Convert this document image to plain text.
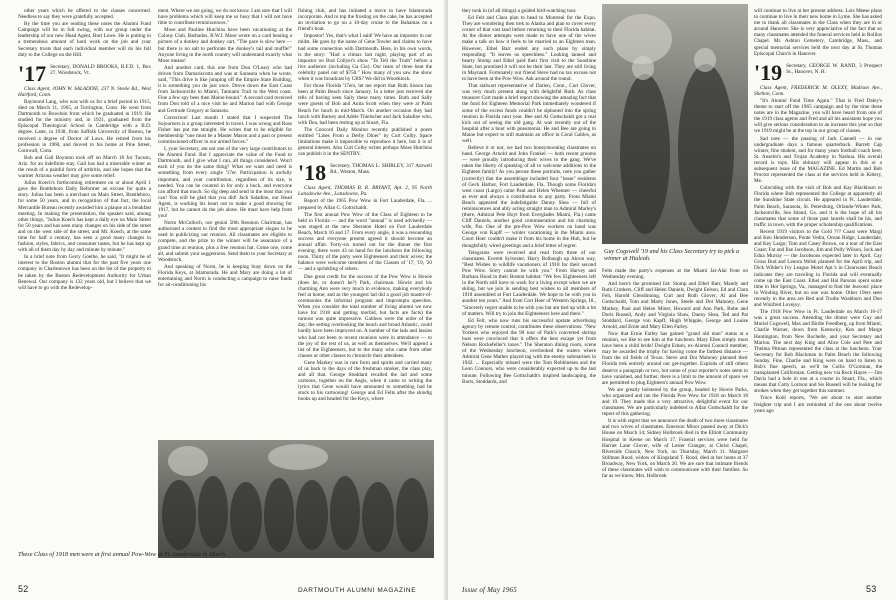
other years which he offered to the classes concerned. Needless to say they were gratefully accepted.

By the time you are reading these notes the Alumni Fund Campaign will be in full swing, with our group under the leadership of our new Head Agent, Burt Lowe. He is putting in a tremendous amount of hard work on the job and your Secretary trusts that each individual member will do his full duty to the College on the Hill.

'17 Secretary, DONALD BROOKS, R.F.D. 1, Box 27, Woodstock, Vt.

Class Agent, JOHN W. SALADINE, 237 N. Steele Rd., West Hartford, Conn.

Raymond Lang, who was with us for a brief period in 1915, died on March 11, 1965, at Torrington, Conn. He went from Dartmouth to Bowdoin from which he graduated in 1919. He studied for the ministry and, in 1921, graduated from the Episcopal Theological School in Cambridge with a B.D. degree. Later, in 1938, from Suffolk University of Boston, he received a degree of Doctor of Laws. He retired from his profession in 1960, and moved to his home at Pine Street, Cornwall, Conn.

Bob and Gail Boynton took off on March 18 for Tucson, Ariz. for an indefinite stay. Gail has had a miserable winter as the result of a painful form of arthritis, and she hopes that the warmer Arizona weather may give some relief.

Julius Koech's forthcoming retirement on or about April 1 gave the Brattleboro Daily Reformer an excuse for quite a story. Julius has been a merchant on Main Street, Brattleboro, for some 50 years, and in recognition of that fact, the local Mercantile Bureau recently awarded him a plaque at a breakfast meeting. In making the presentation, the speaker said, among other things, "Julius Koech has kept a daily eye on Main Street for 50 years and has seen many changes on his side of the street and on the west side of the street, and Mr. Koech, at the same time for half a century, has seen a good many changes in fashion, styles, fabrics, and consumer tastes, but he has kept up with all of them day by day and minute by minute."

In a brief note from Gerry Goethe, he said, "It might be of interest to the Boston alumni that for the past five years one company in Charlestown has been on the list of the property to be taken by the Boston Redevelopment Authority for Urban Renewal. Our company is 132 years old, but I believe that we will have to go with the Redevelop-

ment. Where we are going, we do not know. I am sure that I will have problems which will keep me so busy that I will not have time to contribute reminiscences."

Mose and Pauline Hutchins have been vacationing at the Colony Club, Barbados, B.W.I. Mose wrote on a card bearing a picture of a donkey and donkey cart, "The pace is slow here — but there is no salt to perforate the donkey's tail and muffle!" Anyone living in the north country will understand exactly what Mose means!

And another card, this one from Don O'Leary who had driven from Damariscotta and was at Sarasota when he wrote, said, "This drive is like jumping off the Empire State Building, it is something you do just once. Drove down the East Coast from Jacksonville to Miami, Tamiami Trail to the West coast. Fine a few spy bees then Maine-bound." A second card received from Don told of a nice visit he and Marion had with George and Gertrude Gregory at Sarasota.

Correction! Last month I stated that I suspected The Sojourners is a group interested in travel. I was wrong and Ross Fisher has put me straight. He writes that to be eligible for membership "one must be a Master Mason and a past or present commissioned officer in our armed forces."

I, your Secretary, am not one of the very large contributors to the Alumni Fund. But I appreciate the value of the Fund to Dartmouth, and I give what I can, all things considered. Won't each of you do the same thing? What we want and need is something from every single '17er. Participation is awfully important, and your contribution, regardless of its size, is needed. You can be counted in for only a buck, and everyone can afford that much. So dig deep and send in the most that you can! You will be glad that you did! Jack Saladine, our Head Agent, is working his heart out to make a good showing for 1917, but he cannot do the job alone. He must have help from you!

Norm McCulloch, our genial 50th Reunion Chairman, has authorized a contest to find the most appropriate slogan to be used in publicizing our reunion. All classmates are eligible to compete, and the prize to the winner will be assurance of a grand time at reunion, plus a free reunion hat. Come one, come all, and submit your suggestions. Send them to your Secretary at Woodstock.

And speaking of Norm, he is keeping busy down on the Florida Keys, at Islamorada. He and Mary are doing a lot of entertaining and Norm is conducting a campaign to raise funds for air-conditioning his

fishing club, and has initiated a move to have Islamorada incorporate. And to top the frosting on the cake, he has accepted an invitation to go on a 10-day cruise to the Bahamas on a friend's boat.

Impostor! Yes, that's what I said! We have an impostor in our midst. He goes by the name of Gene Towler and claims to have had some connection with Dartmouth. Here, in his own words, is the story: "Had a climax last night, playing part of an impostor on Bud Collyer's show "To Tell the Truth" before a live audience (including Ga Cie). Our team of three beat the celebrity panel out of $750." How many of you saw the show when it was broadcast by CBS? We did in Woodstock.

For those Florida '17ers, let me report that Ruth Sisson has been at Palm Beach since January. In a letter just received she tells of having seen Sally these many times. Ruth and Sally were guests of Bob and Anita Scott when they were at Palm Beach for lunch in mid-March. On another occasion they had lunch with Barney and Adele Thielscher and Jack Saladine who, with Dea, had been resting up at Stuart, Fla.

The Concord Daily Monitor recently published a poem entitled "Lines From a Derby Diner" by Curt Colby. Space limitations make it impossible to reproduce it here, but it is of general interest. Also Curt Colby writes perhaps Mose Hutchins can publish it in the SENTRY.

'18 Secretary, THOMAS L. SHIRLEY, 317 Amwell Rd., Weston, Mass.

Class Agent, THOMAS B. R. BRYANT, Apt. 2, 95 North Lansdowne Ave., Lansdowne, Pa.

Report of the 1965 Pow Wow in Fort Lauderdale, Fla. ... prepared by Allan C. Gottschaldt.

The first annual Pow Wow of the Class of Eighteen to be held in Florida — and the word "annual" is used advisedly — was staged at the new Sheraton Hotel on Fort Lauderdale Beach, March 16 and 17. From every angle, it was a resounding success and everyone present agreed it should become an annual affair. Forty-six turned out for the dinner the first evening; there were 43 on hand for the luncheon the following noon. Thirty of the party were Eighteeners and their wives; the balance were welcome members of the Classes of '17, '19, '20 — and a sprinkling of others.

Due great credit for the success of the Pow Wow is Howie (does he, or doesn't he?) Park, chairman. Howie and his charming Ann were very much in evidence, making everybody feel at home; and as the youngest lad did a good job master-of-ceremonies the informal program and impromptu speeches. When you consider the total number of living alumni we now have for 1918 and getting morbid, but facts are facts) the turnout was quite impressive. Galileos were the order of the day; the setting overlooking the beach and broad Atlantic, could hardly have been improved on. A number of the lads and lassies who had not been to recent reunions were in attendance — to the joy of the rest of us, as well as themselves. We'll append a list of the Eighteeners, but to the many who came from other classes or other classes to chronicle their attendees.

Gene Markey was in rare form and spirits and carried many of us back to the days of the freshman smoker, the class play, and all that. George Stoddard recalled the lad and some cartoons, together on the Aegis, when it came to writing the lyrics that Gene would have amounted to something had he stuck to his cartooning! George and Ed Felts after the shindig hooks up and headed for the Keys, where

These Class of 1918 men were at first annual Pow-Wow at Ft. Lauderdale in March.
52	DARTMOUTH ALUMNI MAGAZINE

they took in (of all things) a guided bird-watching tour.

Ed Felt and Clara plan to head to Montreal for the Expo. They are wondering then trek to Alaska and plan to cover every corner of that vast land before returning to their Florida habitat. At the dinner attempts were made to have one of the wives make a talk on how it feels to be married to an Eighteen man. However, Ethel Barr ended any such plans by simply responding: "It leaves us speechless." Looking tanned and hearty Stomp and Ethel paid their first visit to the Sunshine State, but promised it will not be their last. They are still living in Maynard. Fortunately our friend Steve had no tax excuse not to have been at the Pow Wow. Ask around the round.

That stalwart representative of Darien, Conn., Curt Glover, was very much present along with delightful Ruth. As class treasurer Curt made a brief report showing the amazing fact that the fund for Eighteen Memorial Park immediately wondered if some of the excess funds couldn't be siphoned into the spring reunion in Florida next year. Bee and Al Gottschaldt got a real kick out of seeing the old gang. Al was recently out of the hospital after a bout with pneumonia. He and Bee are going to Maine but expect to still maintain an office in Coral Gables, as well.

Believe it or not, we had two honeymooning classmates on hand. George Arnold and John Frankel — both recent grooms — were proudly introducing their wives to the gang. We've taken the liberty of speaking of all to welcome additions to the Eighteen family! As you peruse these portraits, note you gather (correctly) that the assemblage included four "loose" residents of Geck Harbor, Fort Lauderdale, Fla. Though some Florida's west coast (Largo) came Paul and Helen Whenner — cheerful as ever and always a contribution to any party. From Miami Beach appeared the indefatigable Danny Shea — full of reminiscences and ably acting straight man to Admiral Marley's (there, Admiral Pete Hoyt from Everglades Miami, Fla.) came Cliff Daniels, another good commiseration and his charming wife, Pat. One of the pre-Pow Wow workers on hand was George von Kapff — winter vacationing in the Miami area. Court Hoer couldn't make it from his home in the Hub, but he thoughtfully wired greetings and a brief letter of regret.

Telegrams were received and read from three of our classmates. Everett Sylvester, Harry Bolbaugh up Akron way, "Best Wishes to wildlife vacationers of 1918 for their second Pow Wow. Sorry cannot be with you." From Harvey and Barbara Hood in their Boston habitat: "We few Eighteeners left in the North still have to work for a living except when we are skiing, but we join in sending best wishes to all members of 1918 assembled at Fort Lauderdale. We hope to be with you in another ten years." And from Cort Hoer of Western Springs, Ill., "Sincerely regret unable to be with you but am tied up with a lot of matters. Will try to join the Eighteeners here and there."

Ed Felt, who now runs his successful upstate advertising agency by remote control, contributes these observations: "New Yorkers who enjoyed the 90 tour of Park's converted shrimp boat were convinced that it offers the best escape yet from Nelson Rockefeller's taxes." The Sheraton dining room, scene of the Wednesday luncheon, overlooked the waters where Admiral Gene Mather played tag with the enemy submarines in 1942. ... Especially missed were the Tom Robbineses and the Leon Connors, who were considerably expected up to the last minute. Following Bee Gottschaldt's inspired landscaping, the Barrs, Stoddards, and

Guy Cogswell '19 and his Class Secretary try to pick a winner at Hialeah.

Felts made the party's expenses at the Miami Jai-Alai front on Wednesday evening.

And here's the promised list: Stomp and Ethel Barr, Mandy and Ruth Crothers, Cliff and Helen Daniels, Dwight Eelson, Ed and Clara Felt, Harold Glendinning, Curt and Ruth Glover, Al and Bee Gottschaldt, Tom and Marty Jones, Steele and Dot Maloney, Gene Markey, Paul and Helen Miner, Howard and Ann Park, Rube and Doris Russell, Andy and Virginia Shaw, Danny Shea, Ted and Pat Stoddard, George von Kapff, Hugh Whipple, George and Louise Arnold, and Ernie and Mary Ellen Farley.

Now that Ernie Farley has gained "grand old man" status at a reunion, we like to see him at the luncheon. Mary Ellen simply must have been a child bride! Dwight Edson, ex-Alumni Council member, may be awarded the trophy for having come the farthest distance — from the oil fields of Texas. Steve and Dot Maloney planned their Florida trek entirely around our get-together. Exploits of still others deserve a paragraph or two, but some of your reporter's notes seem to have vanished, and further, there is a limit to the amount of space we are permitted to plug Eighteen's annual Pow Wow.

We are greatly bolstered by the group, headed by Howie Parks, who organized and ran the Florida Pow Wow for 1918 on March 18 and 19. They made this a very attractive, delightful event for our classmates. We are particularly indebted to Allan Gottschaldt for the report of this gathering.

It is with regret that we announce the death of two more classmates and two wives of classmates. Emerson Minor passed away at Dick's House on March 14; Sidney Holbrook died in the Elliott Community Hospital in Keene on March 17. Funeral services were held for Harriet Lane Glover, wife of Lester Granger, at Christ Chapel, Riverside Church, New York, on Thursday, March 11. Margaret Stillman Rood, widow of Kingsland T. Rood, died at her home at 37 Broadway, New York, on March 20. We are sure that intimate friends of these classmates will wish to communicate with their families. So far as we know, Mrs. Holbrook

will continue to live at her present address. Lois Meese plans to continue to live in their new home in Lyme. She has asked me to thank all classmates in the Class when they are in or around Hanover. She is very appreciative of the fact that so many classmates attended the funeral services held in Rollins Chapel. Mr. Ashton Cemetery, Cambridge, Mass., and special memorial services held the next day at St. Thomas Episcopal Church in Hanover.

'19 Secretary, GEORGE W. RAND, 3 Prospect St., Hanover, N. H.

Class Agent, FREDERICK M. OLEXY, Madison Ave., Shelton, Conn.

"It's Alumni Fund Time Again." That is Fred Daley's theme to start off the 1965 campaign and by the time these notes are in the Magazine, you will have heard from one of the 1919 class agents and Fred and all his assistants hope you will give serious consideration to an increase this year so that we 1919 might be at the top in our group of classes.

Sad note — the passing of Jack Cannell — in our undergraduate days a famous quarterback. Barrett Cap winner, fine student, and for many years football coach here, St. Anselm's and Trojan Academy in Nashua. His overall record is tops. His obituary will appear in this or a subsequent issue of the MAGAZINE. Ed Martin and Bob Proctor represented the class at the services held in Kittery, Me.

Coinciding with the visit of Bob and Kay Blackburn to Florida where Bob represented the College at apparently all the Sunshine State circuit. He appeared in Ft. Lauderdale, Palm Beach, Sarasota, St. Petersburg, Orlando-Winter Park, Jacksonville, Sea Island, Ga. and it is the hope of all his classmates that some of those past laurels shall be his, and traffic in town, with the proper scholarship qualifications.

Recent 1919 visitors to the Gold ??? Coast were Margi and Ken Henderson, Ponte Vedra, Ocean Ridge, Lauderdale, and Key Largo; Tom and Casey Brown, on a tour of the East Coast; Fat and Ilse Jacobson, Jim and Polly Wilson, Jock and Edna Murray — the Jacobsons expected later in April. Cay Gross Bud and Lenora Welsh planned for the April trip, and Dick Wilder's Ivy League Motel Apt.'s in Clearwater Beach indicates they are traveling in Florida and will eventually come up the East Coast. Ethel and Hal Parsons spent some time in Hot Springs, Va., managed to find the Jeavons' place in Winding River, but no one was home. Other 19ers seen recently in the area are Red and Trudie Washburn and Don and Winifred Lovejoy.

The 1918 Pow Wow in Ft. Lauderdale on March 16-17 was a great success. Attending the dinner were Guy and Muriel Cogswell, Max and Birdie Freedberg, up from Miami, Charlie Warner, down from Kentucky, Ken and Marge Huntington, from New Rochelle, and your Secretary and Marion. The next day King and Alice Cole and Pete and Thelma Pitman represented the class at the luncheon. Your Secretary for Bob Blackman in Palm Beach the following Sunday. Fine, Charlie and King were on hand to listen to Bob's fine speech, as we'll be Collis O'Gorman, the transplanted Californian. Getting new via Rock Hayes — Jim Davis had a hole in one at a course in Stuart, Fla., which means that Cotty Lorrson and Sis Russell will be looking for strokes when they get together this summer.

Truce Kohl reports, "We are about to start another freighter trip and I am reminded of the one about twelve years ago

Issue of May 1965	53
